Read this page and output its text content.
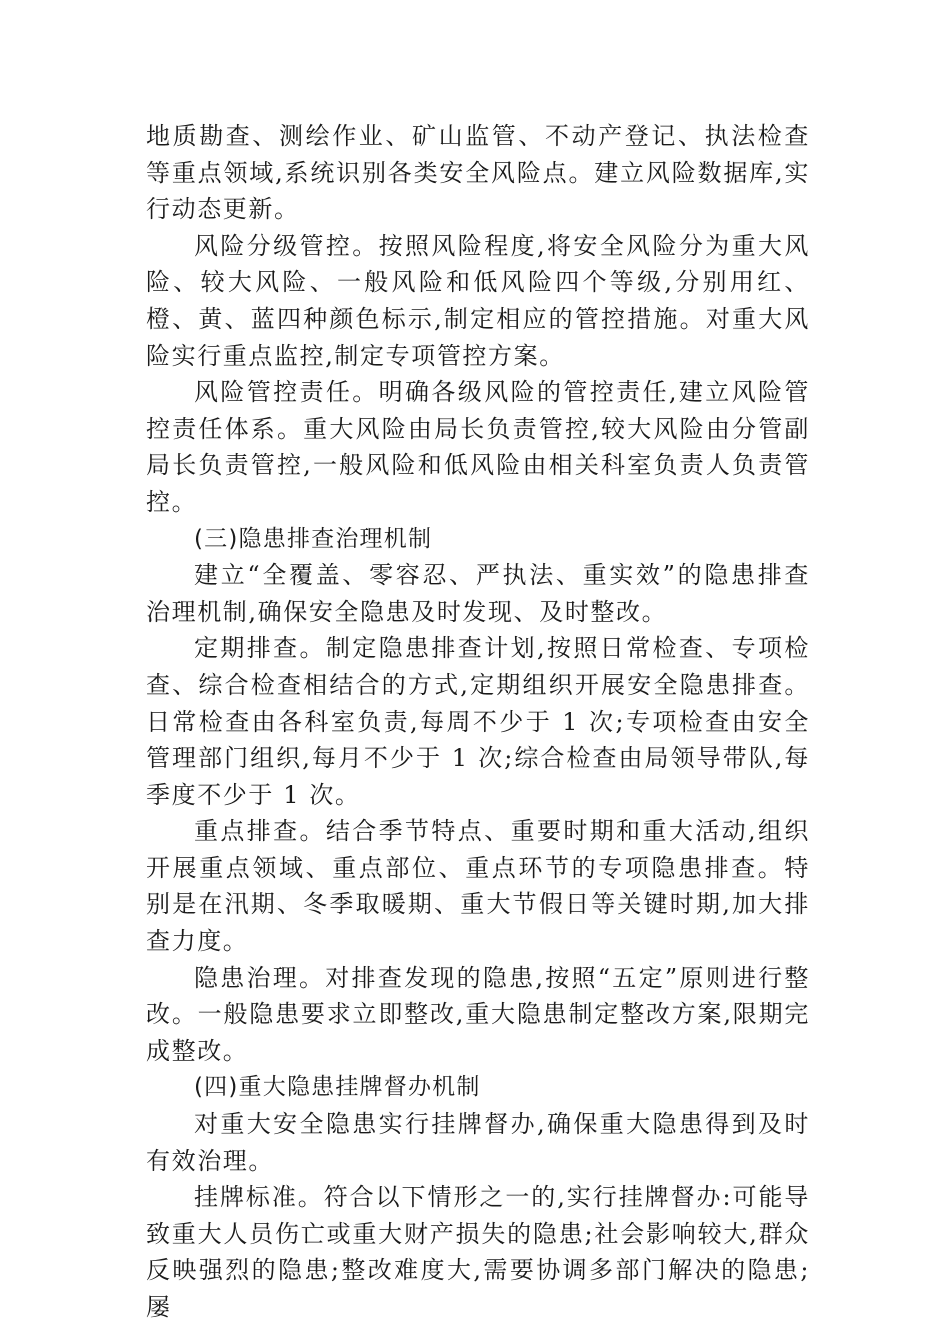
地质勘查、测绘作业、矿山监管、不动产登记、执法检查等重点领域,系统识别各类安全风险点。建立风险数据库,实行动态更新。

风险分级管控。按照风险程度,将安全风险分为重大风险、较大风险、一般风险和低风险四个等级,分别用红、橙、黄、蓝四种颜色标示,制定相应的管控措施。对重大风险实行重点监控,制定专项管控方案。

风险管控责任。明确各级风险的管控责任,建立风险管控责任体系。重大风险由局长负责管控,较大风险由分管副局长负责管控,一般风险和低风险由相关科室负责人负责管控。

(三)隐患排查治理机制

建立“全覆盖、零容忍、严执法、重实效”的隐患排查治理机制,确保安全隐患及时发现、及时整改。

定期排查。制定隐患排查计划,按照日常检查、专项检查、综合检查相结合的方式,定期组织开展安全隐患排查。日常检查由各科室负责,每周不少于 1 次;专项检查由安全管理部门组织,每月不少于 1 次;综合检查由局领导带队,每季度不少于 1 次。

重点排查。结合季节特点、重要时期和重大活动,组织开展重点领域、重点部位、重点环节的专项隐患排查。特别是在汛期、冬季取暖期、重大节假日等关键时期,加大排查力度。

隐患治理。对排查发现的隐患,按照“五定”原则进行整改。一般隐患要求立即整改,重大隐患制定整改方案,限期完成整改。

(四)重大隐患挂牌督办机制

对重大安全隐患实行挂牌督办,确保重大隐患得到及时有效治理。

挂牌标准。符合以下情形之一的,实行挂牌督办:可能导致重大人员伤亡或重大财产损失的隐患;社会影响较大,群众反映强烈的隐患;整改难度大,需要协调多部门解决的隐患;屡
